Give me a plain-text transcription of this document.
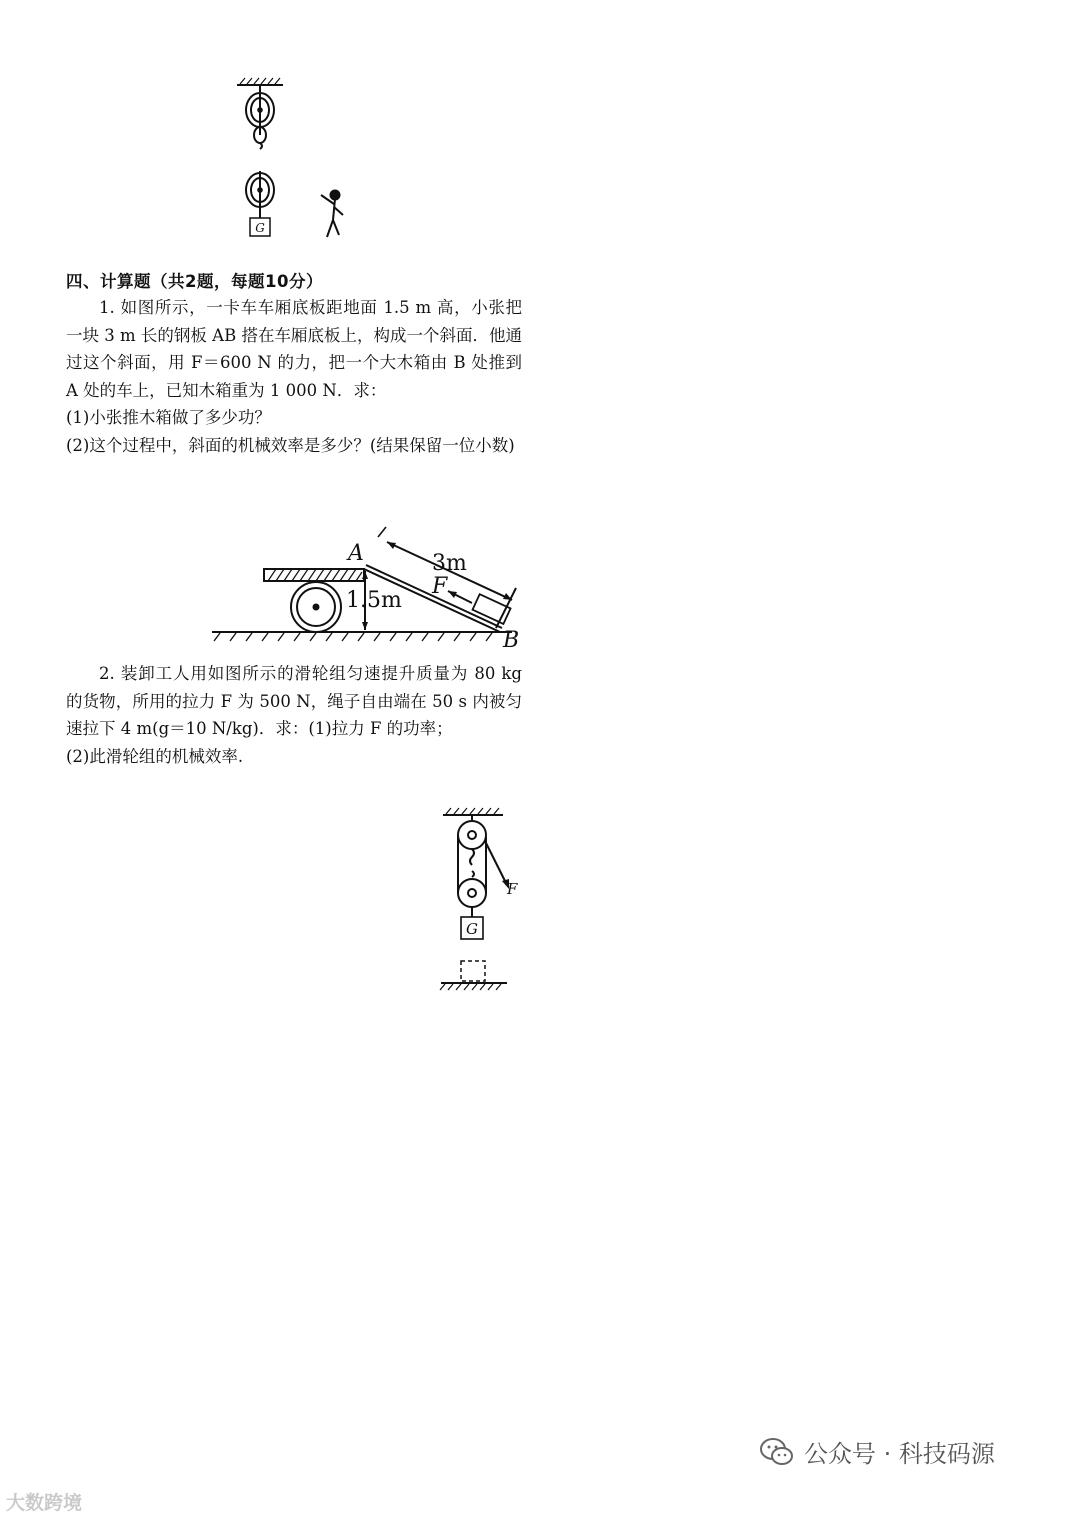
G
四、计算题（共2题，每题10分）

1. 如图所示，一卡车车厢底板距地面 1.5 m 高，小张把一块 3 m 长的钢板 AB 搭在车厢底板上，构成一个斜面．他通过这个斜面，用 F＝600 N 的力，把一个大木箱由 B 处推到 A 处的车上，已知木箱重为 1 000 N．求：

(1)小张推木箱做了多少功？

(2)这个过程中，斜面的机械效率是多少？(结果保留一位小数)

A
B
3m
F
1.5m

2. 装卸工人用如图所示的滑轮组匀速提升质量为 80 kg 的货物，所用的拉力 F 为 500 N，绳子自由端在 50 s 内被匀速拉下 4 m(g＝10 N/kg)．求：(1)拉力 F 的功率；

(2)此滑轮组的机械效率.

F
G
大数跨境
公众号 · 科技码源
